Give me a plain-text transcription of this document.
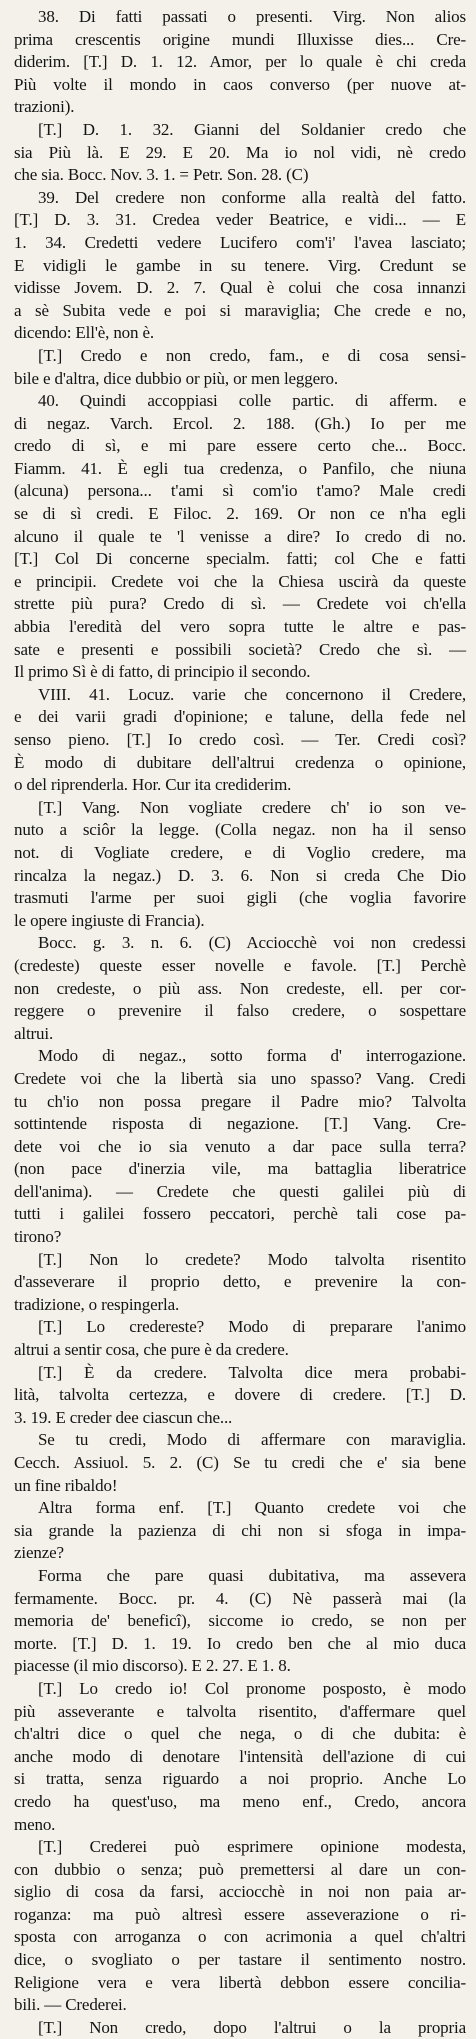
38. Di fatti passati o presenti. Virg. Non alios
prima crescentis origine mundi Illuxisse dies... Cre-
diderim. [T.] D. 1. 12. Amor, per lo quale è chi creda
Più volte il mondo in caos converso (per nuove at-
trazioni).
[T.] D. 1. 32. Gianni del Soldanier credo che
sia Più là. E 29. E 20. Ma io nol vidi, nè credo
che sia. Bocc. Nov. 3. 1. = Petr. Son. 28. (C)
39. Del credere non conforme alla realtà del fatto.
[T.] D. 3. 31. Credea veder Beatrice, e vidi... — E
1. 34. Credetti vedere Lucifero com'i' l'avea lasciato;
E vidigli le gambe in su tenere. Virg. Credunt se
vidisse Jovem. D. 2. 7. Qual è colui che cosa innanzi
a sè Subita vede e poi si maraviglia; Che crede e no,
dicendo: Ell'è, non è.
[T.] Credo e non credo, fam., e di cosa sensi-
bile e d'altra, dice dubbio or più, or men leggero.
40. Quindi accoppiasi colle partic. di afferm. e
di negaz. Varch. Ercol. 2. 188. (Gh.) Io per me
credo di sì, e mi pare essere certo che... Bocc.
Fiamm. 41. È egli tua credenza, o Panfilo, che niuna
(alcuna) persona... t'ami sì com'io t'amo? Male credi
se di sì credi. E Filoc. 2. 169. Or non ce n'ha egli
alcuno il quale te 'l venisse a dire? Io credo di no.
[T.] Col Di concerne specialm. fatti; col Che e fatti
e principii. Credete voi che la Chiesa uscirà da queste
strette più pura? Credo di sì. — Credete voi ch'ella
abbia l'eredità del vero sopra tutte le altre e pas-
sate e presenti e possibili società? Credo che sì. —
Il primo Sì è di fatto, di principio il secondo.
VIII. 41. Locuz. varie che concernono il Credere,
e dei varii gradi d'opinione; e talune, della fede nel
senso pieno. [T.] Io credo così. — Ter. Credi così?
È modo di dubitare dell'altrui credenza o opinione,
o del riprenderla. Hor. Cur ita crediderim.
[T.] Vang. Non vogliate credere ch' io son ve-
nuto a sciôr la legge. (Colla negaz. non ha il senso
not. di Vogliate credere, e di Voglio credere, ma
rincalza la negaz.) D. 3. 6. Non si creda Che Dio
trasmuti l'arme per suoi gigli (che voglia favorire
le opere ingiuste di Francia).
Bocc. g. 3. n. 6. (C) Acciocchè voi non credessi
(credeste) queste esser novelle e favole. [T.] Perchè
non credeste, o più ass. Non credeste, ell. per cor-
reggere o prevenire il falso credere, o sospettare
altrui.
Modo di negaz., sotto forma d' interrogazione.
Credete voi che la libertà sia uno spasso? Vang. Credi
tu ch'io non possa pregare il Padre mio? Talvolta
sottintende risposta di negazione. [T.] Vang. Cre-
dete voi che io sia venuto a dar pace sulla terra?
(non pace d'inerzia vile, ma battaglia liberatrice
dell'anima). — Credete che questi galilei più di
tutti i galilei fossero peccatori, perchè tali cose pa-
tirono?
[T.] Non lo credete? Modo talvolta risentito
d'asseverare il proprio detto, e prevenire la con-
tradizione, o respingerla.
[T.] Lo credereste? Modo di preparare l'animo
altrui a sentir cosa, che pure è da credere.
[T.] È da credere. Talvolta dice mera probabi-
lità, talvolta certezza, e dovere di credere. [T.] D.
3. 19. E creder dee ciascun che...
Se tu credi, Modo di affermare con maraviglia.
Cecch. Assiuol. 5. 2. (C) Se tu credi che e' sia bene
un fine ribaldo!
Altra forma enf. [T.] Quanto credete voi che
sia grande la pazienza di chi non si sfoga in impa-
zienze?
Forma che pare quasi dubitativa, ma assevera
fermamente. Bocc. pr. 4. (C) Nè passerà mai (la
memoria de' beneficî), siccome io credo, se non per
morte. [T.] D. 1. 19. Io credo ben che al mio duca
piacesse (il mio discorso). E 2. 27. E 1. 8.
[T.] Lo credo io! Col pronome posposto, è modo
più asseverante e talvolta risentito, d'affermare quel
ch'altri dice o quel che nega, o di che dubita: è
anche modo di denotare l'intensità dell'azione di cui
si tratta, senza riguardo a noi proprio. Anche Lo
credo ha quest'uso, ma meno enf., Credo, ancora
meno.
[T.] Crederei può esprimere opinione modesta,
con dubbio o senza; può premettersi al dare un con-
siglio di cosa da farsi, acciocchè in noi non paia ar-
roganza: ma può altresì essere asseverazione o ri-
sposta con arroganza o con acrimonia a quel ch'altri
dice, o svogliato o per tastare il sentimento nostro.
Religione vera e vera libertà debbon essere concilia-
bili. — Crederei.
[T.] Non credo, dopo l'altrui o la propria
